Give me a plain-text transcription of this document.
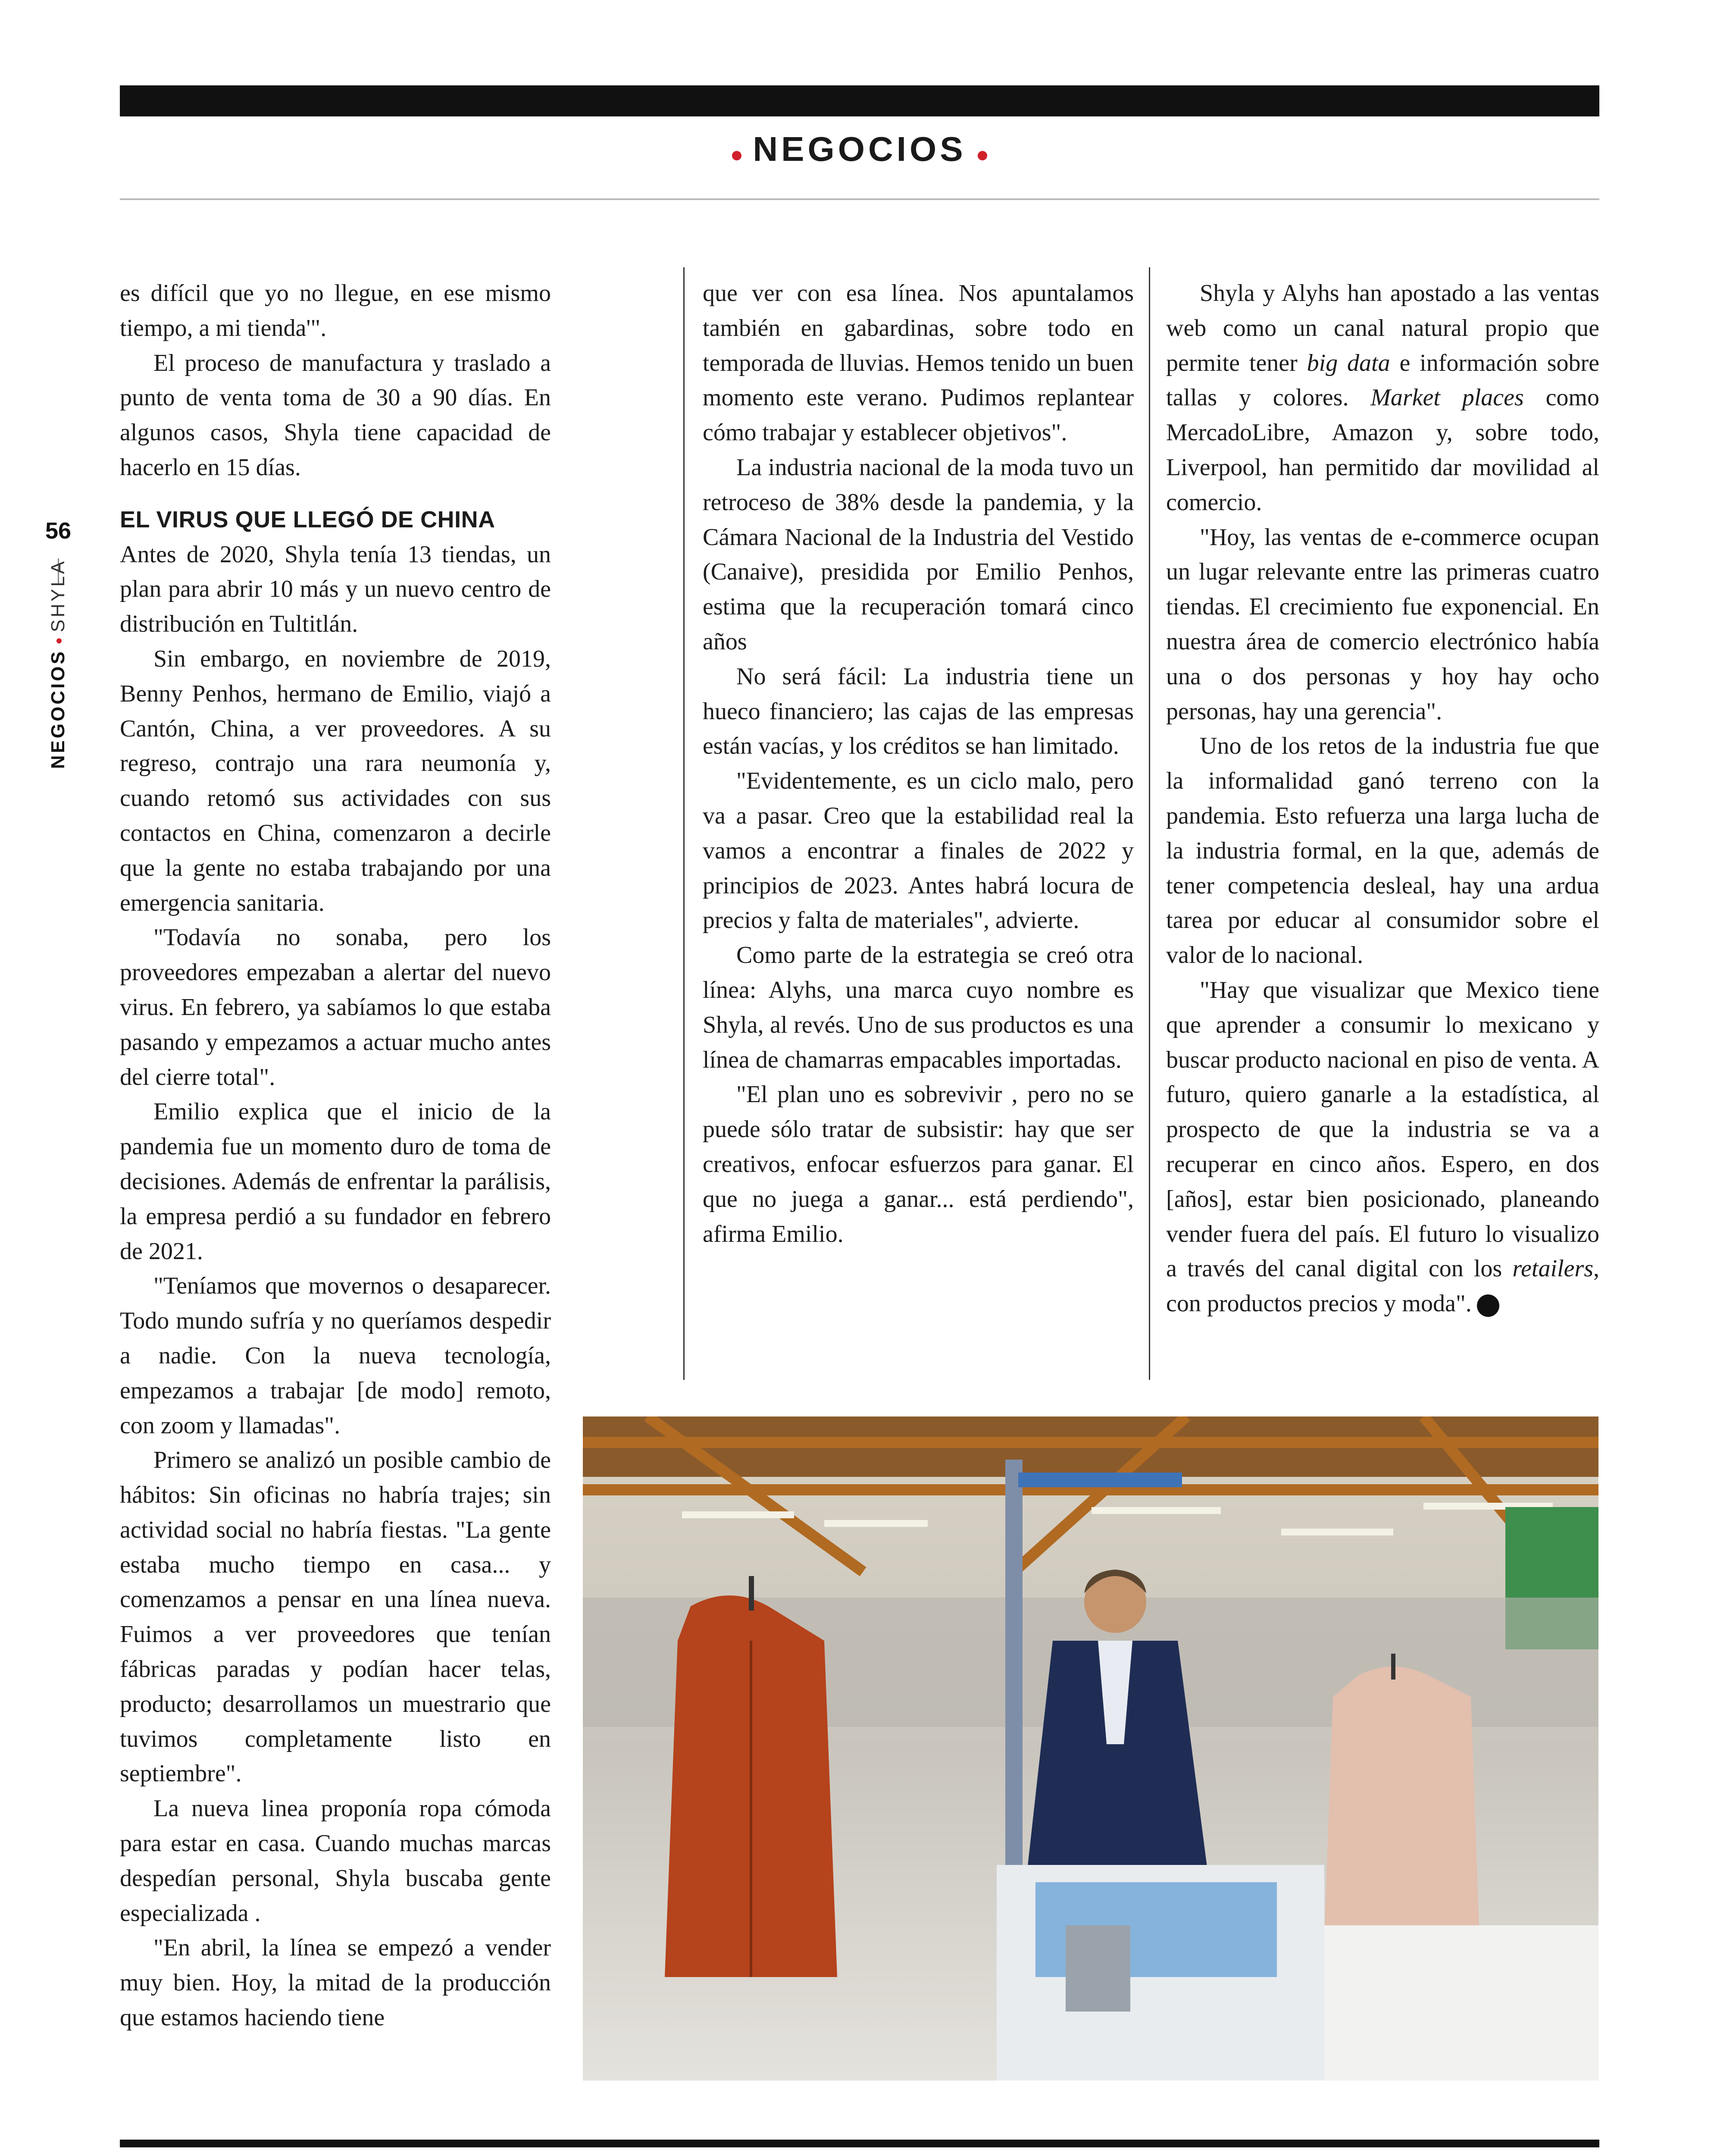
NEGOCIOS
56
NEGOCIOSSHYLA

es difícil que yo no llegue, en ese mismo tiempo, a mi tienda'".

El proceso de manufactura y traslado a punto de venta toma de 30 a 90 días. En algunos casos, Shyla tiene capacidad de hacerlo en 15 días.

EL VIRUS QUE LLEGÓ DE CHINA

Antes de 2020, Shyla tenía 13 tiendas, un plan para abrir 10 más y un nuevo centro de distribución en Tultitlán.

Sin embargo, en noviembre de 2019, Benny Penhos, hermano de Emilio, viajó a Cantón, China, a ver proveedores. A su regreso, contrajo una rara neumonía y, cuando retomó sus actividades con sus contactos en China, comenzaron a decirle que la gente no estaba trabajando por una emergencia sanitaria.

"Todavía no sonaba, pero los proveedores empezaban a alertar del nuevo virus. En febrero, ya sabíamos lo que estaba pasando y empezamos a actuar mucho antes del cierre total".

Emilio explica que el inicio de la pandemia fue un momento duro de toma de decisiones. Además de enfrentar la parálisis, la empresa perdió a su fundador en febrero de 2021.

"Teníamos que movernos o desaparecer. Todo mundo sufría y no queríamos despedir a nadie. Con la nueva tecnología, empezamos a trabajar [de modo] remoto, con zoom y llamadas".

Primero se analizó un posible cambio de hábitos: Sin oficinas no habría trajes; sin actividad social no habría fiestas. "La gente estaba mucho tiempo en casa... y comenzamos a pensar en una línea nueva. Fuimos a ver proveedores que tenían fábricas paradas y podían hacer telas, producto; desarrollamos un muestrario que tuvimos completamente listo en septiembre".

La nueva linea proponía ropa cómoda para estar en casa. Cuando muchas marcas despedían personal, Shyla buscaba gente especializada .

"En abril, la línea se empezó a vender muy bien. Hoy, la mitad de la producción que estamos haciendo tiene

que ver con esa línea. Nos apuntalamos también en gabardinas, sobre todo en temporada de lluvias. Hemos tenido un buen momento este verano. Pudimos replantear cómo trabajar y establecer objetivos".

La industria nacional de la moda tuvo un retroceso de 38% desde la pandemia, y la Cámara Nacional de la Industria del Vestido (Canaive), presidida por Emilio Penhos, estima que la recuperación tomará cinco años

No será fácil: La industria tiene un hueco financiero; las cajas de las empresas están vacías, y los créditos se han limitado.

"Evidentemente, es un ciclo malo, pero va a pasar. Creo que la estabilidad real la vamos a encontrar a finales de 2022 y principios de 2023. Antes habrá locura de precios y falta de materiales", advierte.

Como parte de la estrategia se creó otra línea: Alyhs, una marca cuyo nombre es Shyla, al revés. Uno de sus productos es una línea de chamarras empacables importadas.

"El plan uno es sobrevivir , pero no se puede sólo tratar de subsistir: hay que ser creativos, enfocar esfuerzos para ganar. El que no juega a ganar... está perdiendo", afirma Emilio.

Shyla y Alyhs han apostado a las ventas web como un canal natural propio que permite tener big data e información sobre tallas y colores. Market places como MercadoLibre, Amazon y, sobre todo, Liverpool, han permitido dar movilidad al comercio.

"Hoy, las ventas de e-commerce ocupan un lugar relevante entre las primeras cuatro tiendas. El crecimiento fue exponencial. En nuestra área de comercio electrónico había una o dos personas y hoy hay ocho personas, hay una gerencia".

Uno de los retos de la industria fue que la informalidad ganó terreno con la pandemia. Esto refuerza una larga lucha de la industria formal, en la que, además de tener competencia desleal, hay una ardua tarea por educar al consumidor sobre el valor de lo nacional.

"Hay que visualizar que Mexico tiene que aprender a consumir lo mexicano y buscar producto nacional en piso de venta. A futuro, quiero ganarle a la estadística, al prospecto de que la industria se va a recuperar en cinco años. Espero, en dos [años], estar bien posicionado, planeando vender fuera del país. El futuro lo visualizo a través del canal digital con los retailers, con productos precios y moda". F
